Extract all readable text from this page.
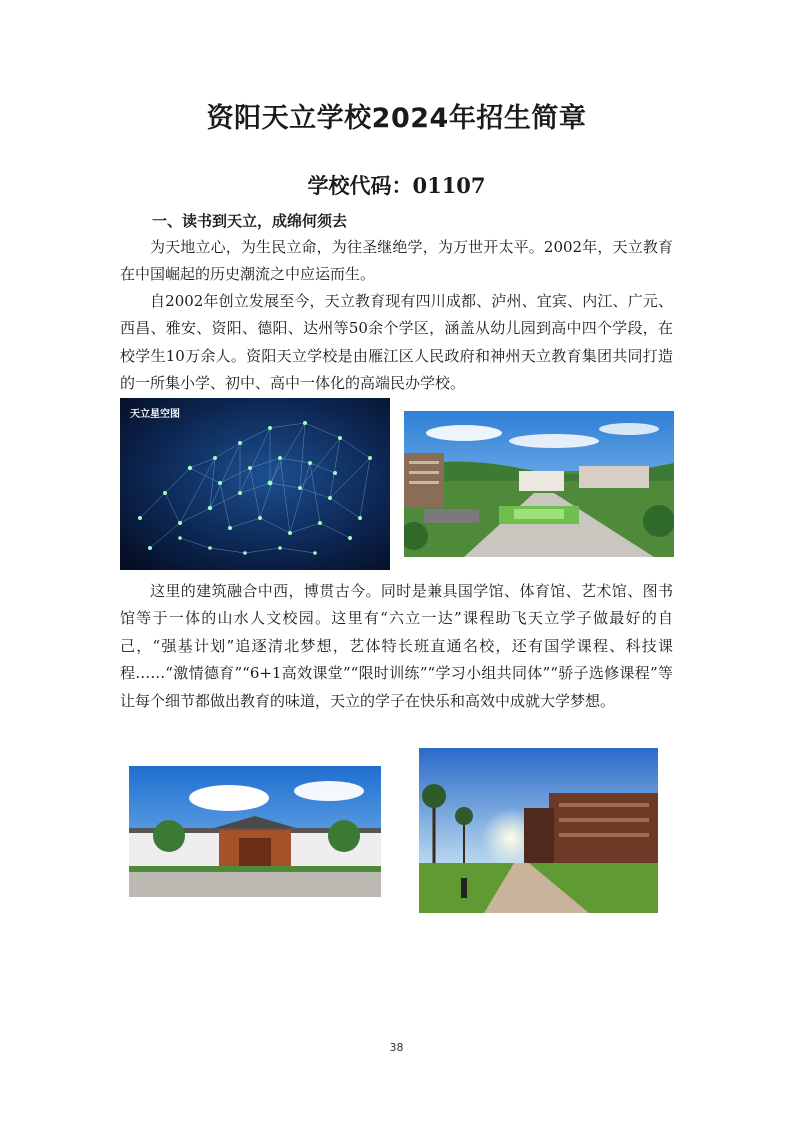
资阳天立学校2024年招生简章
学校代码：01107
一、读书到天立，成绵何须去
为天地立心，为生民立命，为往圣继绝学，为万世开太平。2002年，天立教育在中国崛起的历史潮流之中应运而生。
自2002年创立发展至今，天立教育现有四川成都、泸州、宜宾、内江、广元、西昌、雅安、资阳、德阳、达州等50余个学区，涵盖从幼儿园到高中四个学段，在校学生10万余人。资阳天立学校是由雁江区人民政府和神州天立教育集团共同打造的一所集小学、初中、高中一体化的高端民办学校。
天立星空图
这里的建筑融合中西，博贯古今。同时是兼具国学馆、体育馆、艺术馆、图书馆等于一体的山水人文校园。这里有“六立一达”课程助飞天立学子做最好的自己，“强基计划”追逐清北梦想，艺体特长班直通名校，还有国学课程、科技课程……“激情德育”“6+1高效课堂”“限时训练”“学习小组共同体”“骄子选修课程”等让每个细节都做出教育的味道，天立的学子在快乐和高效中成就大学梦想。
38
